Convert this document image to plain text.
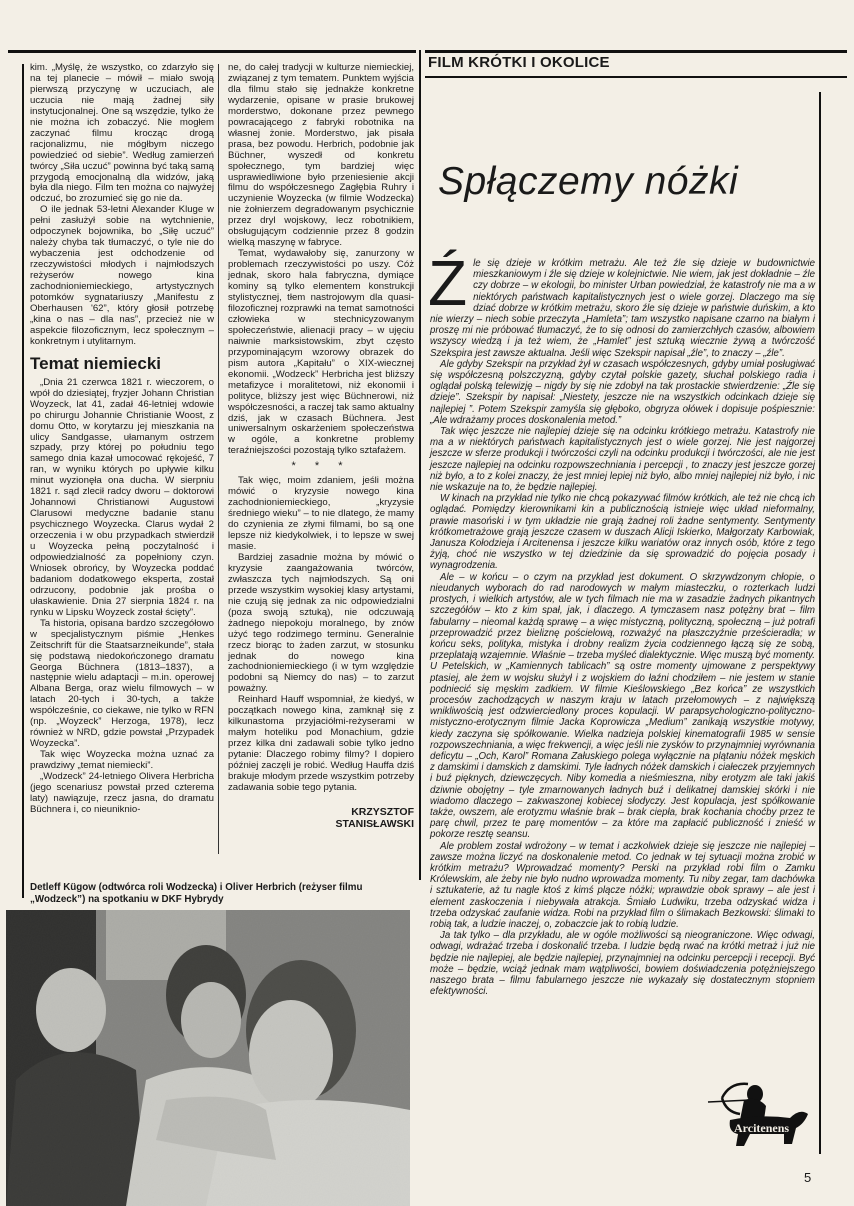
FILM KRÓTKI I OKOLICE

kim. „Myślę, że wszystko, co zdarzyło się na tej planecie – mówił – miało swoją pierwszą przyczynę w uczuciach, ale uczucia nie mają żadnej siły instytucjonalnej. One są wszędzie, tylko że nie można ich zobaczyć. Nie mogłem zaczynać filmu krocząc drogą racjonalizmu, nie mógłbym niczego powiedzieć od siebie”. Według zamierzeń twórcy „Siła uczuć” powinna być taką samą przygodą emocjonalną dla widzów, jaką była dla niego. Film ten można co najwyżej odczuć, bo zrozumieć się go nie da.

O ile jednak 53-letni Alexander Kluge w pełni zasłużył sobie na wytchnienie, odpoczynek bojownika, bo „Siłę uczuć” należy chyba tak tłumaczyć, o tyle nie do wybaczenia jest odchodzenie od rzeczywistości młodych i najmłodszych reżyserów nowego kina zachodnioniemieckiego, artystycznych potomków sygnatariuszy „Manifestu z Oberhausen '62”, który głosił potrzebę „kina o nas – dla nas”, przecież nie w aspekcie filozoficznym, lecz społecznym – konkretnym i utylitarnym.

Temat niemiecki

„Dnia 21 czerwca 1821 r. wieczorem, o wpół do dziesiątej, fryzjer Johann Christian Woyzeck, lat 41, zadał 46-letniej wdowie po chirurgu Johannie Christianie Woost, z domu Otto, w korytarzu jej mieszkania na ulicy Sandgasse, ułamanym ostrzem szpady, przy której po południu tego samego dnia kazał umocować rękojeść, 7 ran, w wyniku których po upływie kilku minut wyzionęła ona ducha. W sierpniu 1821 r. sąd zlecił radcy dworu – doktorowi Johannowi Christianowi Augustowi Clarusowi medyczne badanie stanu psychicznego Woyzecka. Clarus wydał 2 orzeczenia i w obu przypadkach stwierdził u Woyzecka pełną poczytalność i odpowiedzialność za popełniony czyn. Wniosek obrońcy, by Woyzecka poddać badaniom dodatkowego eksperta, został odrzucony, podobnie jak prośba o ułaskawienie. Dnia 27 sierpnia 1824 r. na rynku w Lipsku Woyzeck został ścięty”.

Ta historia, opisana bardzo szczegółowo w specjalistycznym piśmie „Henkes Zeitschrift für die Staatsarzneikunde”, stała się podstawą niedokończonego dramatu Georga Büchnera (1813–1837), a następnie wielu adaptacji – m.in. operowej Albana Berga, oraz wielu filmowych – w latach 20-tych i 30-tych, a także współcześnie, co ciekawe, nie tylko w RFN (np. „Woyzeck” Herzoga, 1978), lecz również w NRD, gdzie powstał „Przypadek Woyzecka”.

Tak więc Woyzecka można uznać za prawdziwy „temat niemiecki”.

„Wodzeck” 24-letniego Olivera Herbricha (jego scenariusz powstał przed czterema laty) nawiązuje, rzecz jasna, do dramatu Büchnera i, co nieuniknio-

ne, do całej tradycji w kulturze niemieckiej, związanej z tym tematem. Punktem wyjścia dla filmu stało się jednakże konkretne wydarzenie, opisane w prasie brukowej morderstwo, dokonane przez pewnego powracającego z fabryki robotnika na własnej żonie. Morderstwo, jak pisała prasa, bez powodu. Herbrich, podobnie jak Büchner, wyszedł od konkretu społecznego, tym bardziej więc usprawiedliwione było przeniesienie akcji filmu do współczesnego Zagłębia Ruhry i uczynienie Woyzecka (w filmie Wodzecka) nie żołnierzem degradowanym psychicznie przez dryl wojskowy, lecz robotnikiem, obsługującym codziennie przez 8 godzin wielką maszynę w fabryce.

Temat, wydawałoby się, zanurzony w problemach rzeczywistości po uszy. Cóż jednak, skoro hala fabryczna, dymiące kominy są tylko elementem konstrukcji stylistycznej, tłem nastrojowym dla quasi-filozoficznej rozprawki na temat samotności człowieka w stechnicyzowanym społeczeństwie, alienacji pracy – w ujęciu naiwnie marksistowskim, zbyt często przypominającym wzorowy obrazek do pism autora „Kapitału” o XIX-wiecznej ekonomii. „Wodzeck” Herbricha jest bliższy metafizyce i moralitetowi, niż ekonomii i polityce, bliższy jest więc Büchnerowi, niż współczesności, a raczej tak samo aktualny dziś, jak w czasach Büchnera. Jest uniwersalnym oskarżeniem społeczeństwa w ogóle, a konkretne problemy teraźniejszości pozostają tylko sztafażem.

* * *

Tak więc, moim zdaniem, jeśli można mówić o kryzysie nowego kina zachodnioniemieckiego, „kryzysie średniego wieku” – to nie dlatego, że mamy do czynienia ze złymi filmami, bo są one lepsze niż kiedykolwiek, i to lepsze w swej masie.

Bardziej zasadnie można by mówić o kryzysie zaangażowania twórców, zwłaszcza tych najmłodszych. Są oni przede wszystkim wysokiej klasy artystami, nie czują się jednak za nic odpowiedzialni (poza swoją sztuką), nie odczuwają żadnego niepokoju moralnego, by znów użyć tego rodzimego terminu. Generalnie rzecz biorąc to żaden zarzut, w stosunku jednak do nowego kina zachodnioniemieckiego (i w tym względzie podobni są Niemcy do nas) – to zarzut poważny.

Reinhard Hauff wspomniał, że kiedyś, w początkach nowego kina, zamknął się z kilkunastoma przyjaciółmi-reżyserami w małym hoteliku pod Monachium, gdzie przez kilka dni zadawali sobie tylko jedno pytanie: Dlaczego robimy filmy? I dopiero później zaczęli je robić. Według Hauffa dziś brakuje młodym przede wszystkim potrzeby zadawania sobie tego pytania.

KRZYSZTOF
STANISŁAWSKI
Detleff Kügow (odtwórca roli Wodzecka) i Oliver Herbrich (reżyser filmu „Wodzeck”) na spotkaniu w DKF Hybrydy
Spłączemy nóżki

Źle się dzieje w krótkim metrażu. Ale też źle się dzieje w budownictwie mieszkaniowym i źle się dzieje w kolejnictwie. Nie wiem, jak jest dokładnie – źle czy dobrze – w ekologii, bo minister Urban powiedział, że katastrofy nie ma a w niektórych państwach kapitalistycznych jest o wiele gorzej. Dlaczego ma się dziać dobrze w krótkim metrażu, skoro źle się dzieje w państwie duńskim, a kto nie wierzy – niech sobie przeczyta „Hamleta”; tam wszystko napisane czarno na białym i proszę mi nie próbować tłumaczyć, że to się odnosi do zamierzchłych czasów, albowiem wszyscy wiedzą i ja też wiem, że „Hamlet” jest sztuką wiecznie żywą a twórczość Szekspira jest zawsze aktualna. Jeśli więc Szekspir napisał „źle”, to znaczy – „źle”.

Ale gdyby Szekspir na przykład żył w czasach współczesnych, gdyby umiał posługiwać się współczesną polszczyzną, gdyby czytał polskie gazety, słuchał polskiego radia i oglądał polską telewizję – nigdy by się nie zdobył na tak prostackie stwierdzenie: „Źle się dzieje”. Szekspir by napisał: „Niestety, jeszcze nie na wszystkich odcinkach dzieje się najlepiej ”. Potem Szekspir zamyśla się głęboko, obgryza ołówek i dopisuje pośpiesznie: „Ale wdrażamy proces doskonalenia metod.”

Tak więc jeszcze nie najlepiej dzieje się na odcinku krótkiego metrażu. Katastrofy nie ma a w niektórych państwach kapitalistycznych jest o wiele gorzej. Nie jest najgorzej jeszcze w sferze produkcji i twórczości czyli na odcinku produkcji i twórczości, ale nie jest jeszcze najlepiej na odcinku rozpowszechniania i percepcji , to znaczy jest jeszcze gorzej niż było, a to z kolei znaczy, że jest mniej lepiej niż było, albo mniej najlepiej niż było, i nic nie wskazuje na to, że będzie najlepiej.

W kinach na przykład nie tylko nie chcą pokazywać filmów krótkich, ale też nie chcą ich oglądać. Pomiędzy kierownikami kin a publicznością istnieje więc układ nieformalny, prawie masoński i w tym układzie nie grają żadnej roli żadne sentymenty. Sentymenty krótkometrażowe grają jeszcze czasem w duszach Alicji Iskierko, Małgorzaty Karbowiak, Janusza Kołodzieja i Arcitenensa i jeszcze kilku wariatów oraz innych osób, które z tego żyją, choć nie wszystko w tej dziedzinie da się sprowadzić do pojęcia posady i wynagrodzenia.

Ale – w końcu – o czym na przykład jest dokument. O skrzywdzonym chłopie, o nieudanych wyborach do rad narodowych w małym miasteczku, o rozterkach ludzi prostych, i wielkich artystów, ale w tych filmach nie ma w zasadzie żadnych pikantnych szczegółów – kto z kim spał, jak, i dlaczego. A tymczasem nasz potężny brat – film fabularny – nieomal każdą sprawę – a więc mistyczną, polityczną, społeczną – już potrafi przeprowadzić przez bieliznę pościelową, rozważyć na płaszczyźnie prześcieradła; w końcu seks, polityka, mistyka i drobny realizm życia codziennego łączą się ze sobą, przeplatają wzajemnie. Właśnie – trzeba myśleć dialektycznie. Więc muszą być momenty. U Petelskich, w „Kamiennych tablicach” są ostre momenty ujmowane z perspektywy ptasiej, ale żem w wojsku służył i z wojskiem do łaźni chodziłem – nie jestem w stanie podniecić się męskim zadkiem. W filmie Kieślowskiego „Bez końca” ze wszystkich procesów zachodzących w naszym kraju w latach przełomowych – z największą wnikliwością jest odzwierciedlony proces kopulacji. W parapsychologiczno-polityczno-mistyczno-erotycznym filmie Jacka Koprowicza „Medium” zanikają wszystkie motywy, kiedy zaczyna się spółkowanie. Wielka nadzieja polskiej kinematografii 1985 w sensie rozpowszechniania, a więc frekwencji, a więc jeśli nie zysków to przynajmniej wyrównania deficytu – „Och, Karol” Romana Załuskiego polega wyłącznie na plątaniu nóżek męskich z damskimi i damskich z damskimi. Tyle ładnych nóżek damskich i ciałeczek przyjemnych i buź pięknych, dziewczęcych. Niby komedia a nieśmieszna, niby erotyzm ale taki jakiś dziwnie obojętny – tyle zmarnowanych ładnych buź i delikatnej damskiej skórki i nie wiadomo dlaczego – zakwaszonej kobiecej słodyczy. Jest kopulacja, jest spółkowanie także, owszem, ale erotyzmu właśnie brak – brak ciepła, brak kochania choćby przez te parę chwil, przez te parę momentów – za które ma zapłacić publiczność i znieść w pokorze resztę seansu.

Ale problem został wdrożony – w temat i aczkolwiek dzieje się jeszcze nie najlepiej – zawsze można liczyć na doskonalenie metod. Co jednak w tej sytuacji można zrobić w krótkim metrażu? Wprowadzać momenty? Perski na przykład robi film o Zamku Królewskim, ale żeby nie było nudno wprowadza momenty. Tu niby zegar, tam dachówka i sztukaterie, aż tu nagle ktoś z kimś plącze nóżki; wprawdzie obok sprawy – ale jest i element zaskoczenia i niebywała atrakcja. Śmiało Ludwiku, trzeba odzyskać widza i trzeba odzyskać zaufanie widza. Robi na przykład film o ślimakach Bezkowski: ślimaki to robią tak, a ludzie inaczej, o, zobaczcie jak to robią ludzie.

Ja tak tylko – dla przykładu, ale w ogóle możliwości są nieograniczone. Więc odwagi, odwagi, wdrażać trzeba i doskonalić trzeba. I ludzie będą rwać na krótki metraż i już nie będzie nie najlepiej, ale będzie najlepiej, przynajmniej na odcinku percepcji i recepcji. Być może – będzie, wciąż jednak mam wątpliwości, bowiem doświadczenia potężniejszego naszego brata – filmu fabularnego jeszcze nie wykazały się dostatecznym stopniem efektywności.

Arcitenens
5
